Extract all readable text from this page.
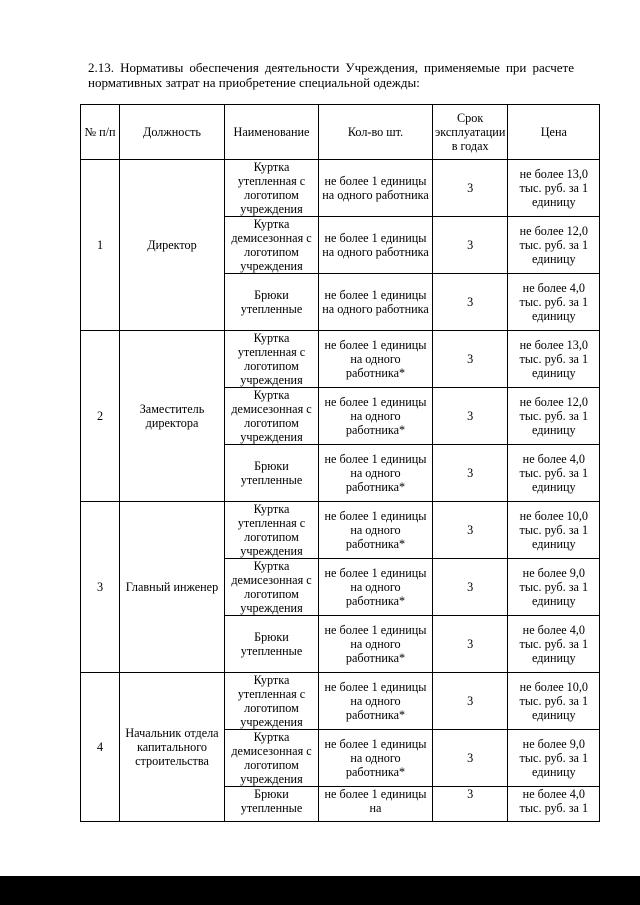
2.13. Нормативы обеспечения деятельности Учреждения, применяемые при расчете нормативных затрат на приобретение специальной одежды:
№ п/п	Должность	Наименование	Кол-во шт.	Срок эксплуатации в годах	Цена
1	Директор	Куртка утепленная с логотипом учреждения	не более 1 единицы на одного работника	3	не более 13,0 тыс. руб. за 1 единицу
		Куртка демисезонная с логотипом учреждения	не более 1 единицы на одного работника	3	не более 12,0 тыс. руб. за 1 единицу
		Брюки утепленные	не более 1 единицы на одного работника	3	не более 4,0 тыс. руб. за 1 единицу
2	Заместитель директора	Куртка утепленная с логотипом учреждения	не более 1 единицы на одного работника*	3	не более 13,0 тыс. руб. за 1 единицу
		Куртка демисезонная с логотипом учреждения	не более 1 единицы на одного работника*	3	не более 12,0 тыс. руб. за 1 единицу
		Брюки утепленные	не более 1 единицы на одного работника*	3	не более 4,0 тыс. руб. за 1 единицу
3	Главный инженер	Куртка утепленная с логотипом учреждения	не более 1 единицы на одного работника*	3	не более 10,0 тыс. руб. за 1 единицу
		Куртка демисезонная с логотипом учреждения	не более 1 единицы на одного работника*	3	не более 9,0 тыс. руб. за 1 единицу
		Брюки утепленные	не более 1 единицы на одного работника*	3	не более 4,0 тыс. руб. за 1 единицу
4	Начальник отдела капитального строительства	Куртка утепленная с логотипом учреждения	не более 1 единицы на одного работника*	3	не более 10,0 тыс. руб. за 1 единицу
		Куртка демисезонная с логотипом учреждения	не более 1 единицы на одного работника*	3	не более 9,0 тыс. руб. за 1 единицу
		Брюки утепленные	не более 1 единицы на	3	не более 4,0 тыс. руб. за 1
